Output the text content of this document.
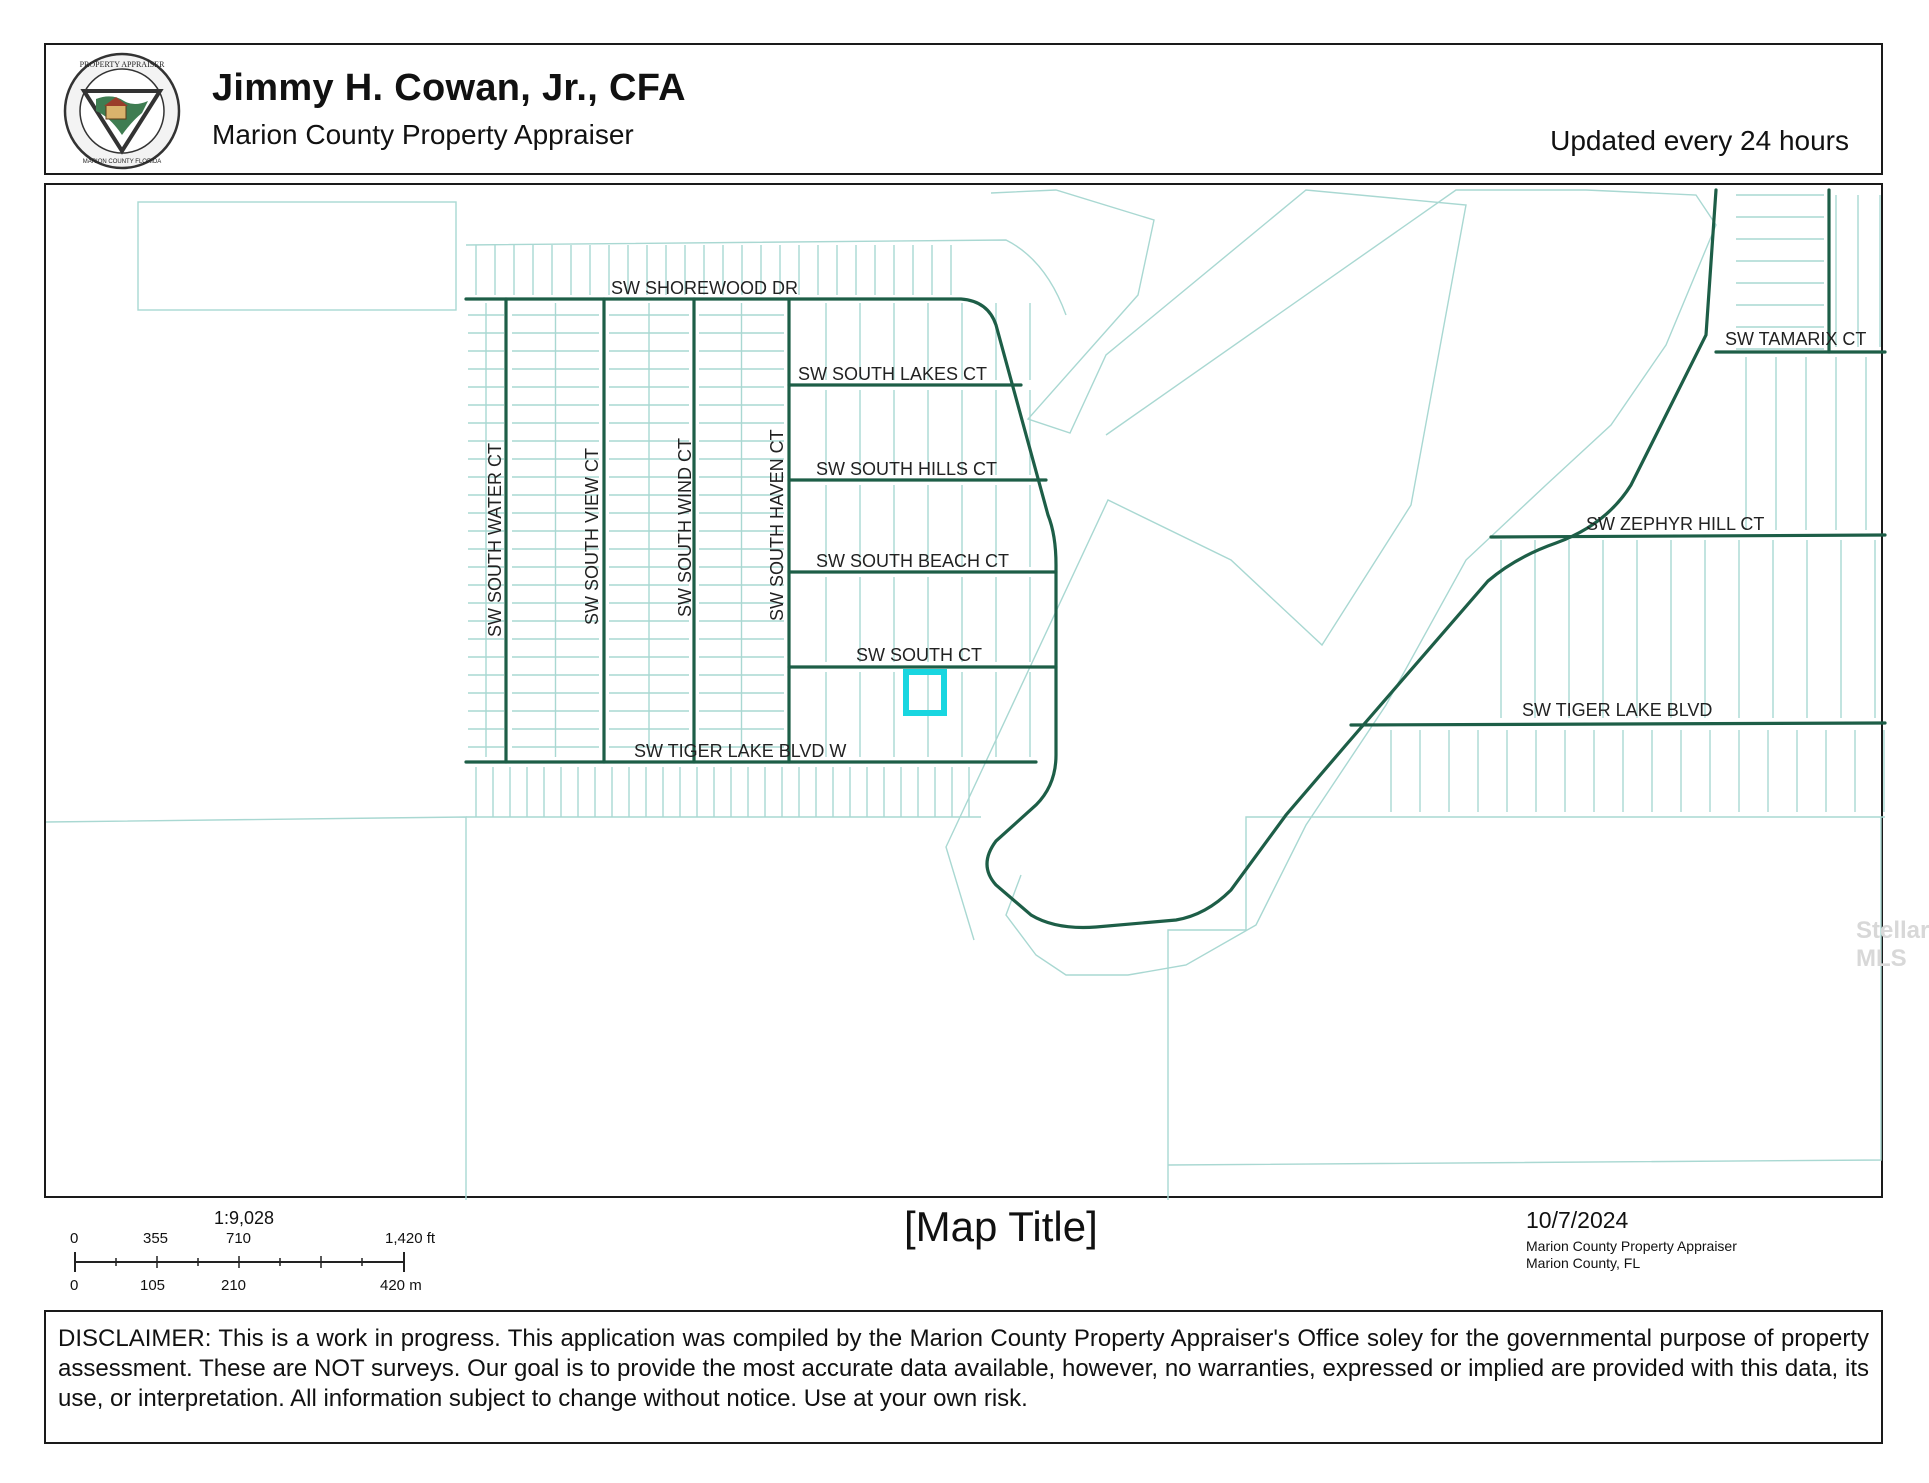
PROPERTY APPRAISER
MARION COUNTY FLORIDA
Jimmy H. Cowan, Jr., CFA
Marion County Property Appraiser	Updated every 24 hours
SW SHOREWOOD DR
SW SOUTH LAKES CT
SW SOUTH HILLS CT
SW SOUTH BEACH CT
SW SOUTH CT
SW TIGER LAKE BLVD W
SW TAMARIX CT
SW ZEPHYR HILL CT
SW TIGER LAKE BLVD
SW SOUTH WATER CT	SW SOUTH VIEW CT	SW SOUTH WIND CT	SW SOUTH HAVEN CT
Stellar MLS
1:9,028
0	355	710	1,420 ft
0	105	210	420 m
[Map Title]	10/7/2024
Marion County Property Appraiser
Marion County, FL
DISCLAIMER: This is a work in progress. This application was compiled by the Marion County Property Appraiser's Office soley for the governmental purpose of property assessment. These are NOT surveys. Our goal is to provide the most accurate data available, however, no warranties, expressed or implied are provided with this data, its use, or interpretation. All information subject to change without notice. Use at your own risk.
